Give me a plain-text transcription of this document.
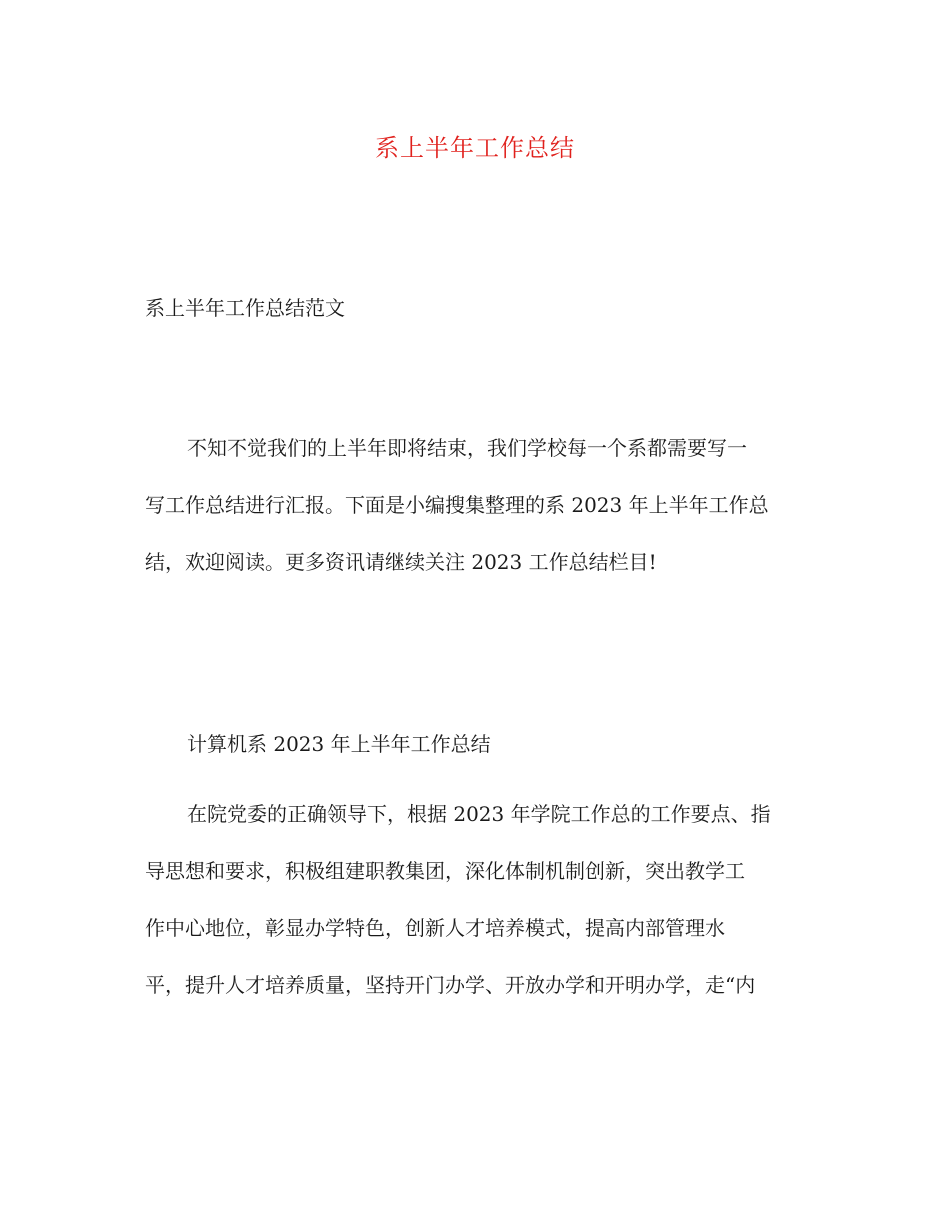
系上半年工作总结

系上半年工作总结范文

不知不觉我们的上半年即将结束，我们学校每一个系都需要写一
写工作总结进行汇报。下面是小编搜集整理的系 2023 年上半年工作总
结，欢迎阅读。更多资讯请继续关注 2023 工作总结栏目!

计算机系 2023 年上半年工作总结

在院党委的正确领导下，根据 2023 年学院工作总的工作要点、指
导思想和要求，积极组建职教集团，深化体制机制创新，突出教学工
作中心地位，彰显办学特色，创新人才培养模式，提高内部管理水
平，提升人才培养质量，坚持开门办学、开放办学和开明办学，走“内
